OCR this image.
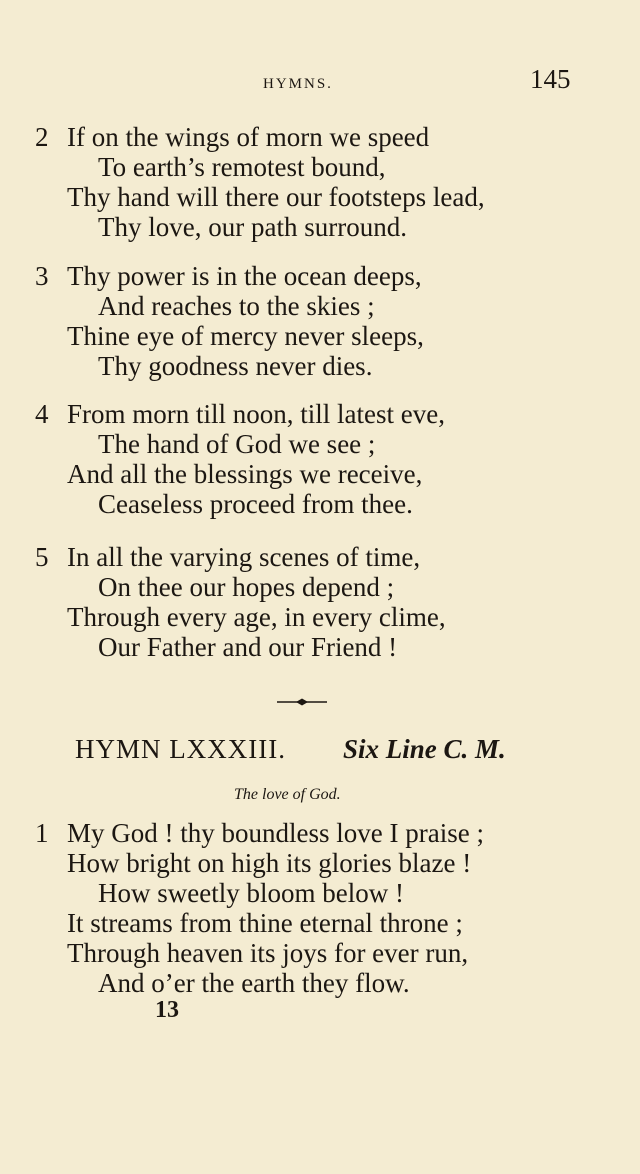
HYMNS.	145
2 If on the wings of morn we speed
To earth’s remotest bound,
Thy hand will there our footsteps lead,
Thy love, our path surround.
3 Thy power is in the ocean deeps,
And reaches to the skies ;
Thine eye of mercy never sleeps,
Thy goodness never dies.
4 From morn till noon, till latest eve,
The hand of God we see ;
And all the blessings we receive,
Ceaseless proceed from thee.
5 In all the varying scenes of time,
On thee our hopes depend ;
Through every age, in every clime,
Our Father and our Friend !
HYMN LXXXIII. Six Line C. M.
The love of God.
1 My God ! thy boundless love I praise ;
How bright on high its glories blaze !
How sweetly bloom below !
It streams from thine eternal throne ;
Through heaven its joys for ever run,
And o’er the earth they flow.
13
